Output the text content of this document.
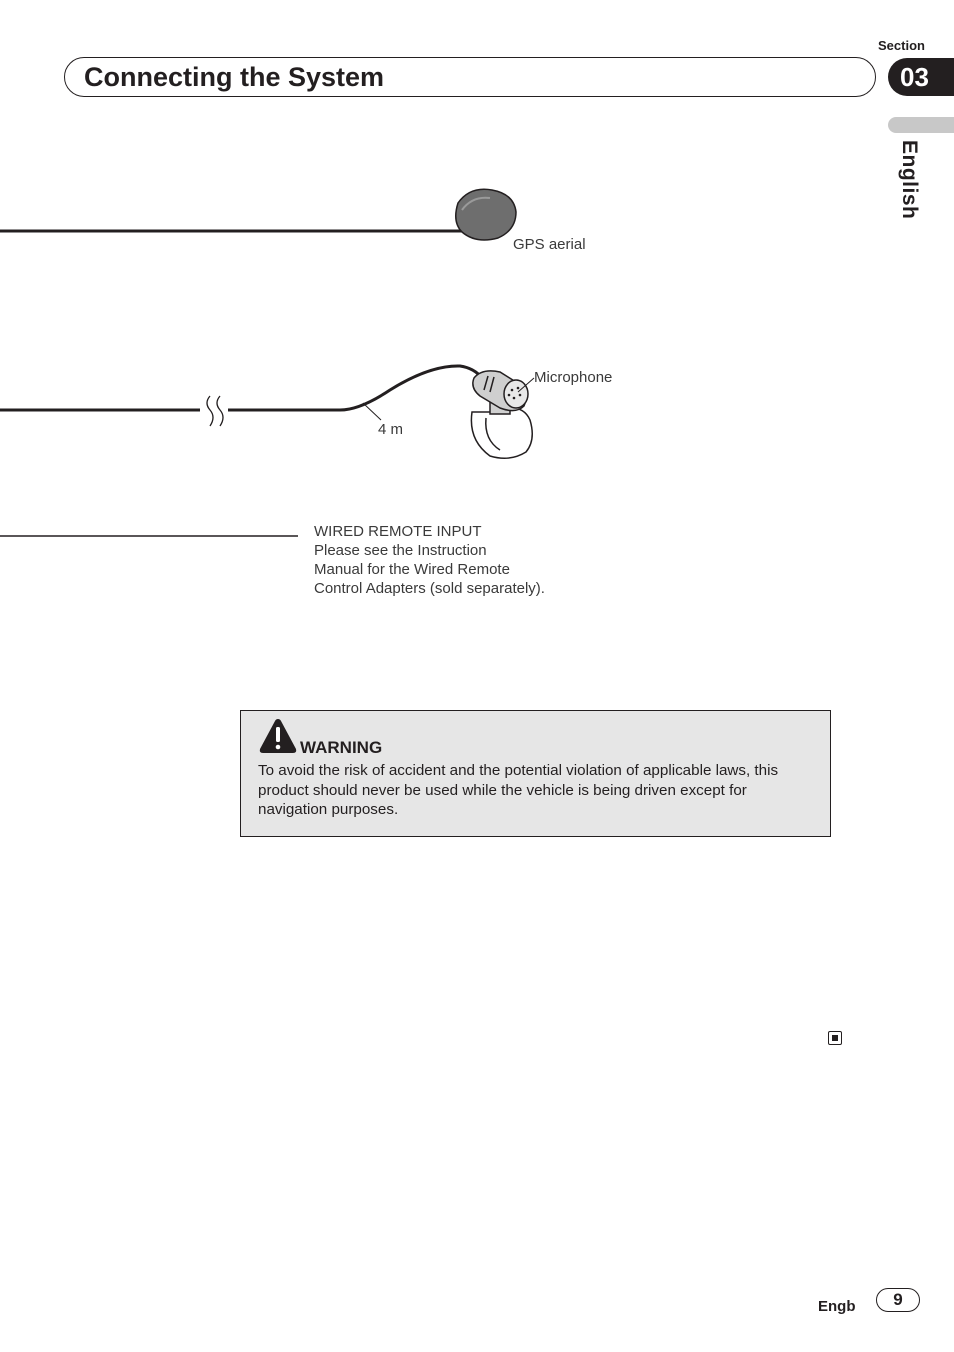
Section
03
Connecting the System
English
GPS aerial
Microphone
4 m
WIRED REMOTE INPUT
Please see the Instruction
Manual for the Wired Remote
Control Adapters (sold separately).
WARNING
To avoid the risk of accident and the potential violation of applicable laws, this
product should never be used while the vehicle is being driven except for
navigation purposes.
Engb	9
